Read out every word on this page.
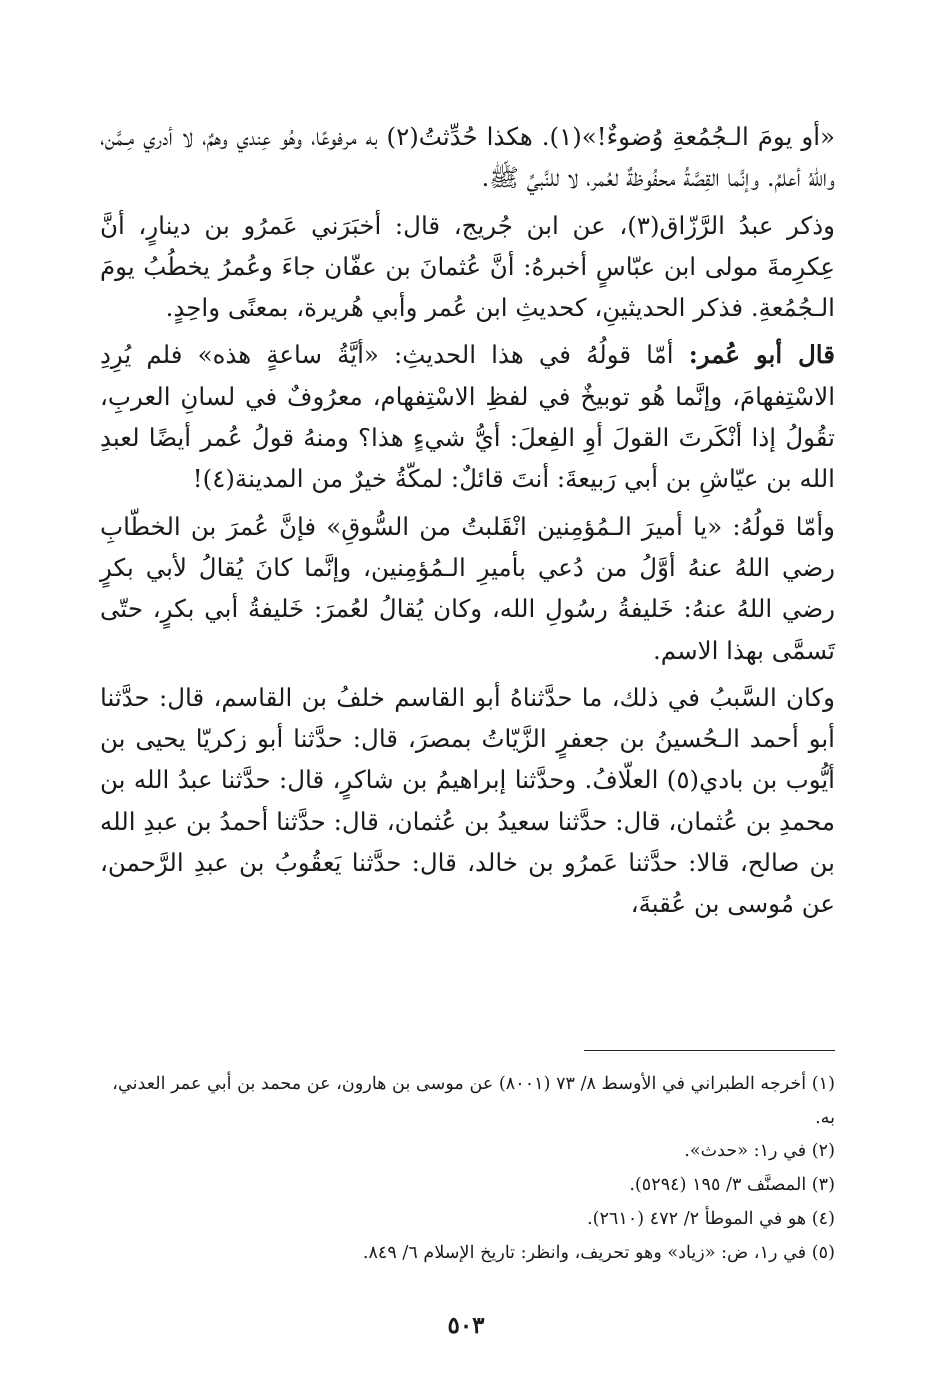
«أو يومَ الـجُمُعةِ وُضوءٌ!»(١). هكذا حُدِّثتُ(٢) به مرفوعًا، وهُو عِندي وهمٌ، لا أدري مِـمَّن، واللهُ أعلمُ. وإنَّما القِصَّةُ محفُوظةٌ لعُمر، لا للنَّبيِّ ﷺ.

وذكر عبدُ الرَّزّاق(٣)، عن ابن جُريج، قال: أخبَرَني عَمرُو بن دينارٍ، أنَّ عِكرِمةَ مولى ابن عبّاسٍ أخبرهُ: أنَّ عُثمانَ بن عفّان جاءَ وعُمرُ يخطُبُ يومَ الـجُمُعةِ. فذكر الحديثينِ، كحديثِ ابن عُمر وأبي هُريرة، بمعنًى واحِدٍ.

قال أبو عُمر: أمّا قولُهُ في هذا الحديثِ: «أيَّةُ ساعةٍ هذه» فلم يُرِدِ الاسْتِفهامَ، وإنَّما هُو توبيخٌ في لفظِ الاسْتِفهام، معرُوفٌ في لسانِ العربِ، تقُولُ إذا أنْكَرتَ القولَ أوِ الفِعلَ: أيُّ شيءٍ هذا؟ ومنهُ قولُ عُمر أيضًا لعبدِ الله بن عيّاشِ بن أبي رَبيعةَ: أنتَ قائلٌ: لمكّةُ خيرٌ من المدينة(٤)!

وأمّا قولُهُ: «يا أميرَ الـمُؤمِنين انْقَلبتُ من السُّوقِ» فإنَّ عُمرَ بن الخطّابِ رضي اللهُ عنهُ أوَّلُ من دُعي بأميرِ الـمُؤمِنين، وإنَّما كانَ يُقالُ لأبي بكرٍ رضي اللهُ عنهُ: خَليفةُ رسُولِ الله، وكان يُقالُ لعُمرَ: خَليفةُ أبي بكرٍ، حتّى تَسمَّى بهذا الاسم.

وكان السَّببُ في ذلك، ما حدَّثناهُ أبو القاسم خلفُ بن القاسم، قال: حدَّثنا أبو أحمد الـحُسينُ بن جعفرٍ الزَّيّاتُ بمصرَ، قال: حدَّثنا أبو زكريّا يحيى بن أيُّوب بن بادي(٥) العلّافُ. وحدَّثنا إبراهيمُ بن شاكرٍ، قال: حدَّثنا عبدُ الله بن محمدِ بن عُثمان، قال: حدَّثنا سعيدُ بن عُثمان، قال: حدَّثنا أحمدُ بن عبدِ الله بن صالح، قالا: حدَّثنا عَمرُو بن خالد، قال: حدَّثنا يَعقُوبُ بن عبدِ الرَّحمن، عن مُوسى بن عُقبةَ،

(١) أخرجه الطبراني في الأوسط ٨/ ٧٣ (٨٠٠١) عن موسى بن هارون، عن محمد بن أبي عمر العدني، به.

(٢) في ر١: «حدث».

(٣) المصنَّف ٣/ ١٩٥ (٥٢٩٤).

(٤) هو في الموطأ ٢/ ٤٧٢ (٢٦١٠).

(٥) في ر١، ض: «زياد» وهو تحريف، وانظر: تاريخ الإسلام ٦/ ٨٤٩.

٥٠٣
